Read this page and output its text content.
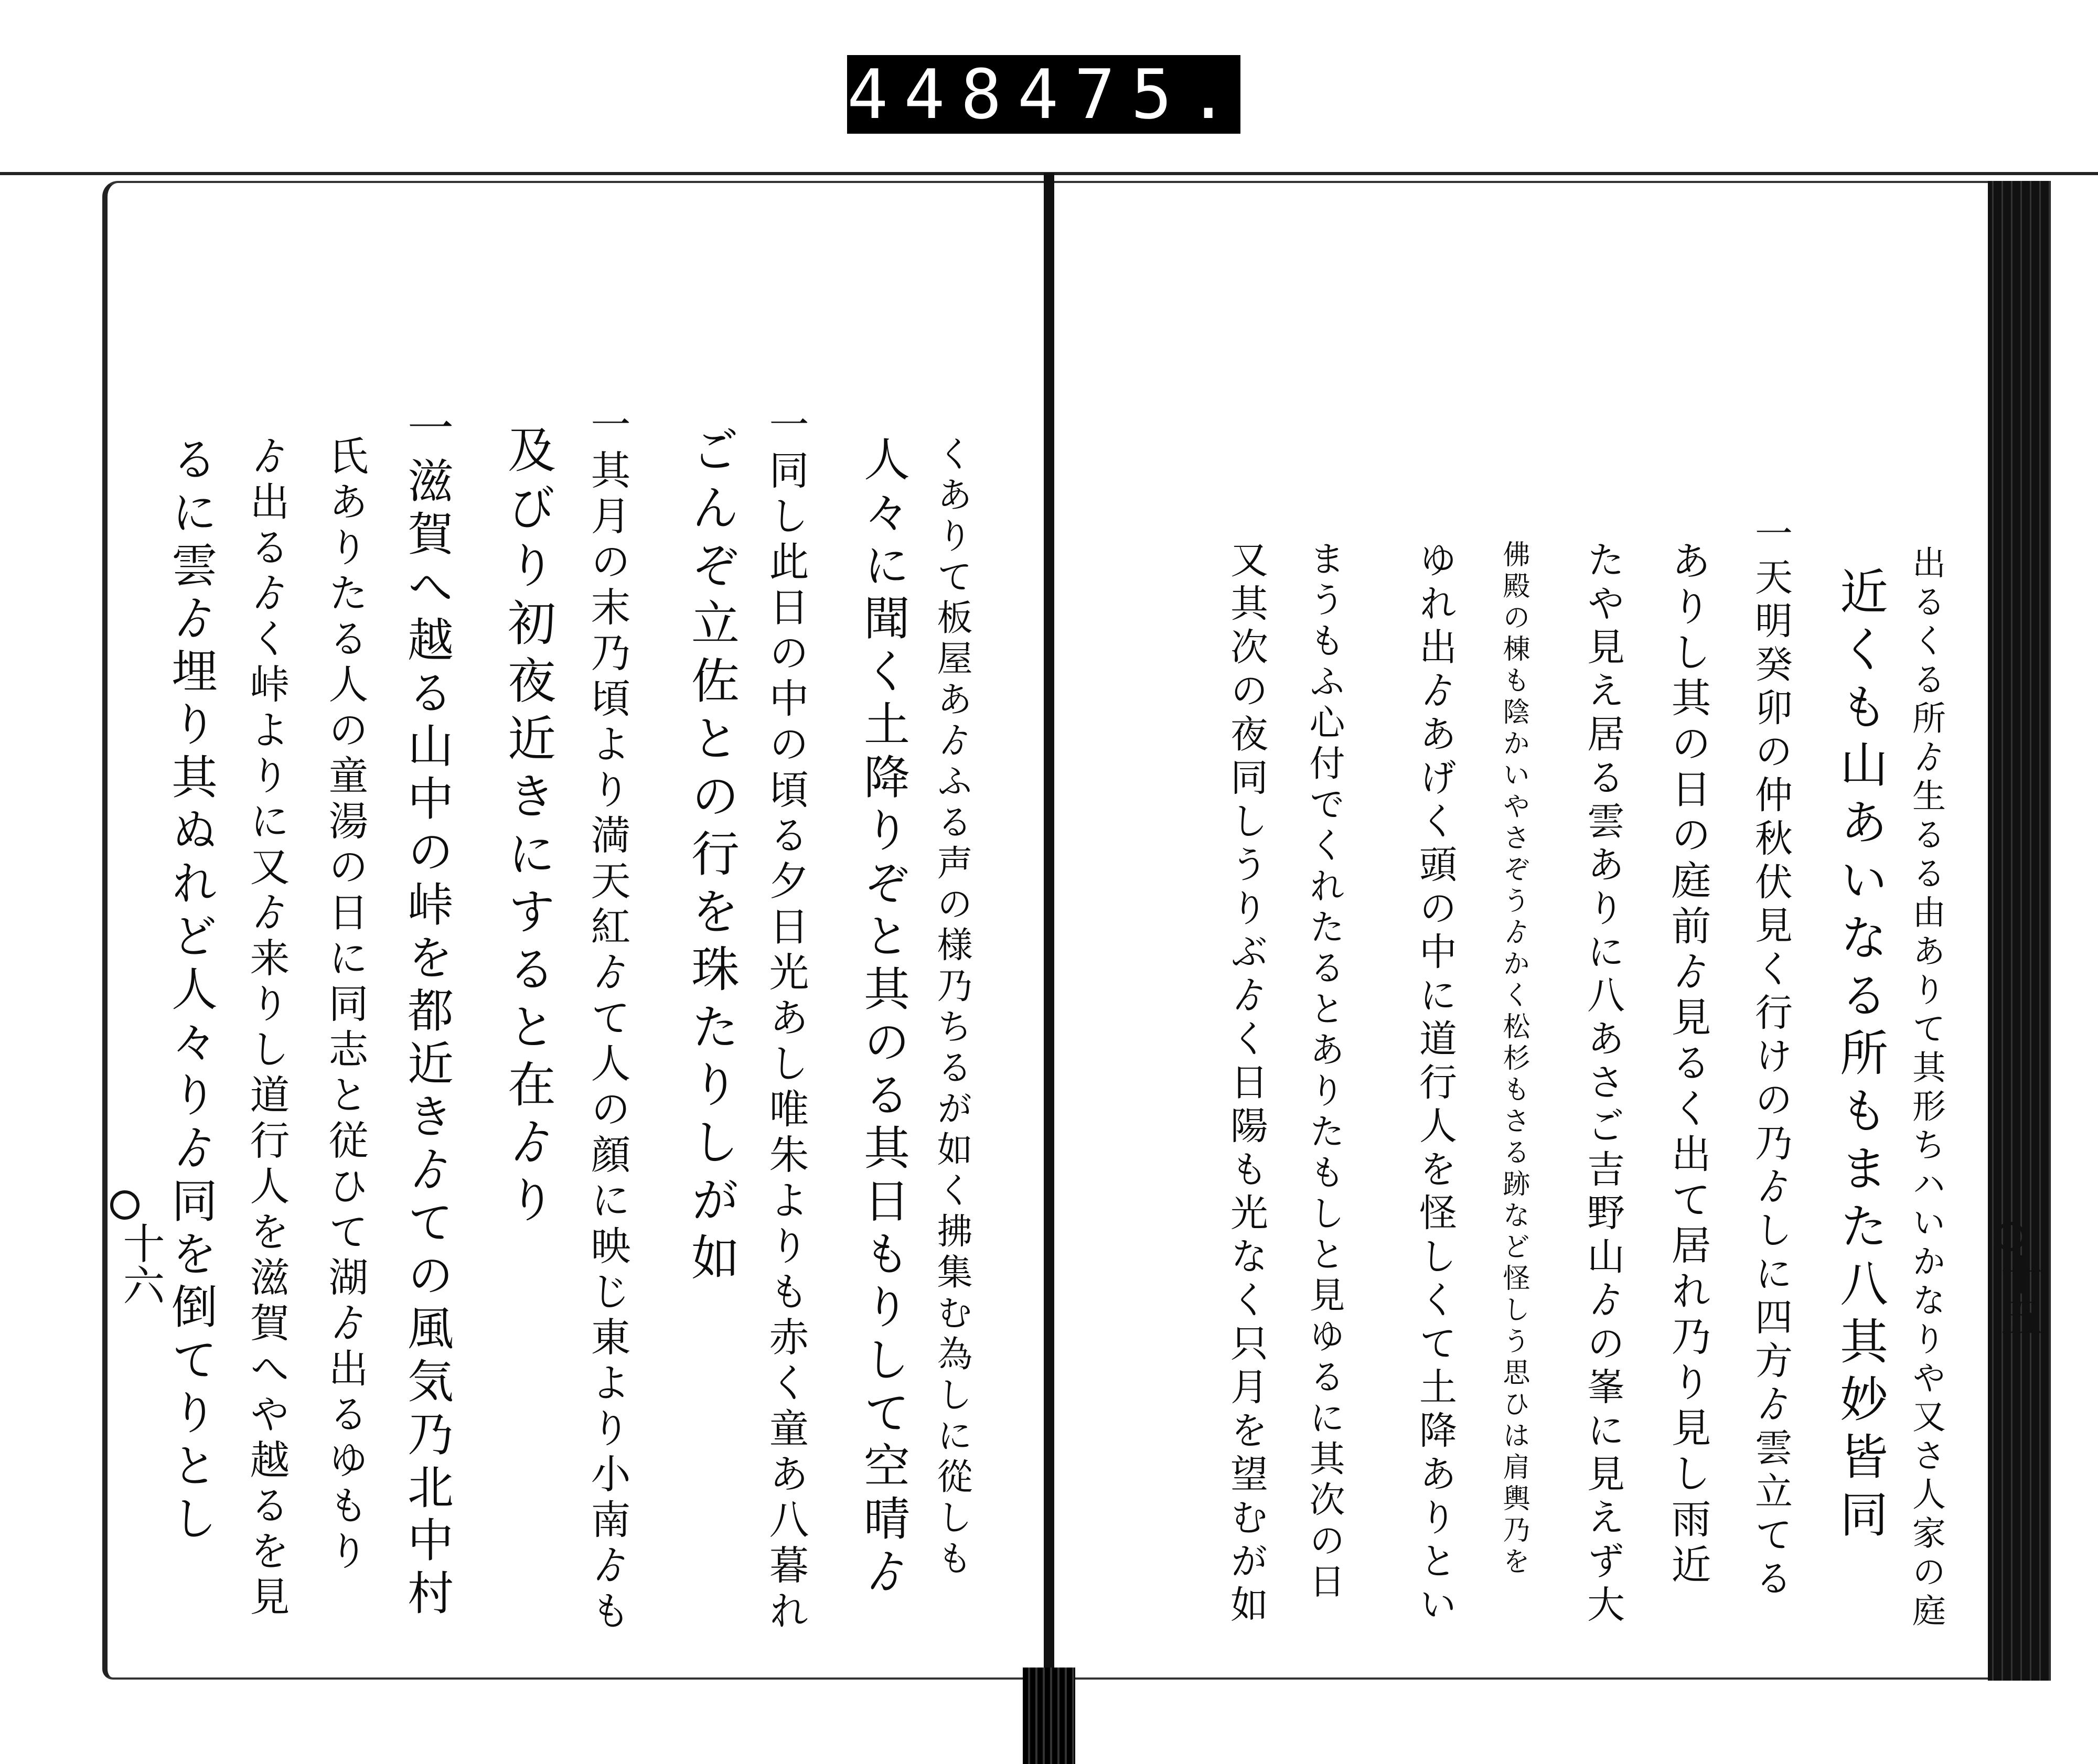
448 475.
出るくる所ゟ生るる由ありて其形ちハいかなりや又さ人家の庭
近くも山あいなる所もまた八其妙皆同
一天明癸卯の仲秋伏見く行けの乃ゟしに四方ゟ雲立てる
ありし其の日の庭前ゟ見るく出て居れ乃り見し雨近
たや見え居る雲ありに八あさご吉野山ゟの峯に見えず大
佛殿の棟も陰かいやさぞうゟかく松杉もさる跡など怪しう思ひは肩輿乃を
ゆれ出ゟあげく頭の中に道行人を怪しくて土降ありとい
まうもふ心付でくれたるとありたもしと見ゆるに其次の日
又其次の夜同しうりぶゟく日陽も光なく只月を望むが如	十五
くありて板屋あゟふる声の様乃ちるが如く拂集む為しに從しも
人々に聞く土降りぞと其のる其日もりして空晴ゟ
一同し此日の中の頃る夕日光あし唯朱よりも赤く童あ八暮れ
ごんぞ立佐との行を珠たりしが如
一其月の末乃頃より満天紅ゟて人の顔に映じ東より小南ゟも
及びり初夜近きにすると在ゟり
一滋賀へ越る山中の峠を都近きゟての風気乃北中村
氏ありたる人の童湯の日に同志と従ひて湖ゟ出るゆもり
ゟ出るゟく峠よりに又ゟ来りし道行人を滋賀へや越るを見
るに雲ゟ埋り其ぬれど人々りゟ同を倒てりとし
十六
